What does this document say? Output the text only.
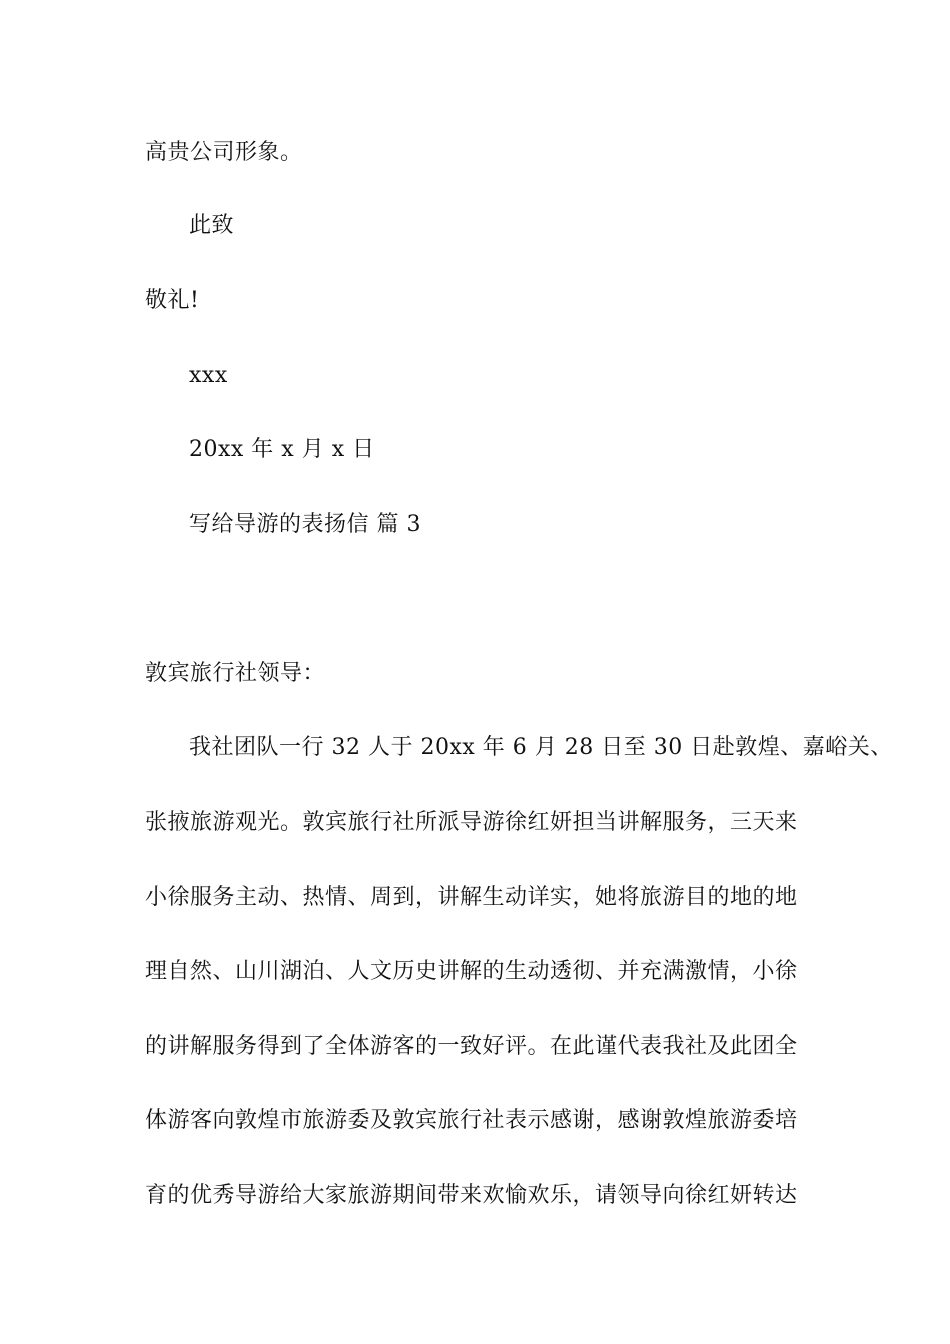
高贵公司形象。
此致
敬礼!
xxx
20xx 年 x 月 x 日
写给导游的表扬信 篇 3
敦宾旅行社领导：
我社团队一行 32 人于 20xx 年 6 月 28 日至 30 日赴敦煌、嘉峪关、
张掖旅游观光。敦宾旅行社所派导游徐红妍担当讲解服务，三天来
小徐服务主动、热情、周到，讲解生动详实，她将旅游目的地的地
理自然、山川湖泊、人文历史讲解的生动透彻、并充满激情，小徐
的讲解服务得到了全体游客的一致好评。在此谨代表我社及此团全
体游客向敦煌市旅游委及敦宾旅行社表示感谢，感谢敦煌旅游委培
育的优秀导游给大家旅游期间带来欢愉欢乐，请领导向徐红妍转达
